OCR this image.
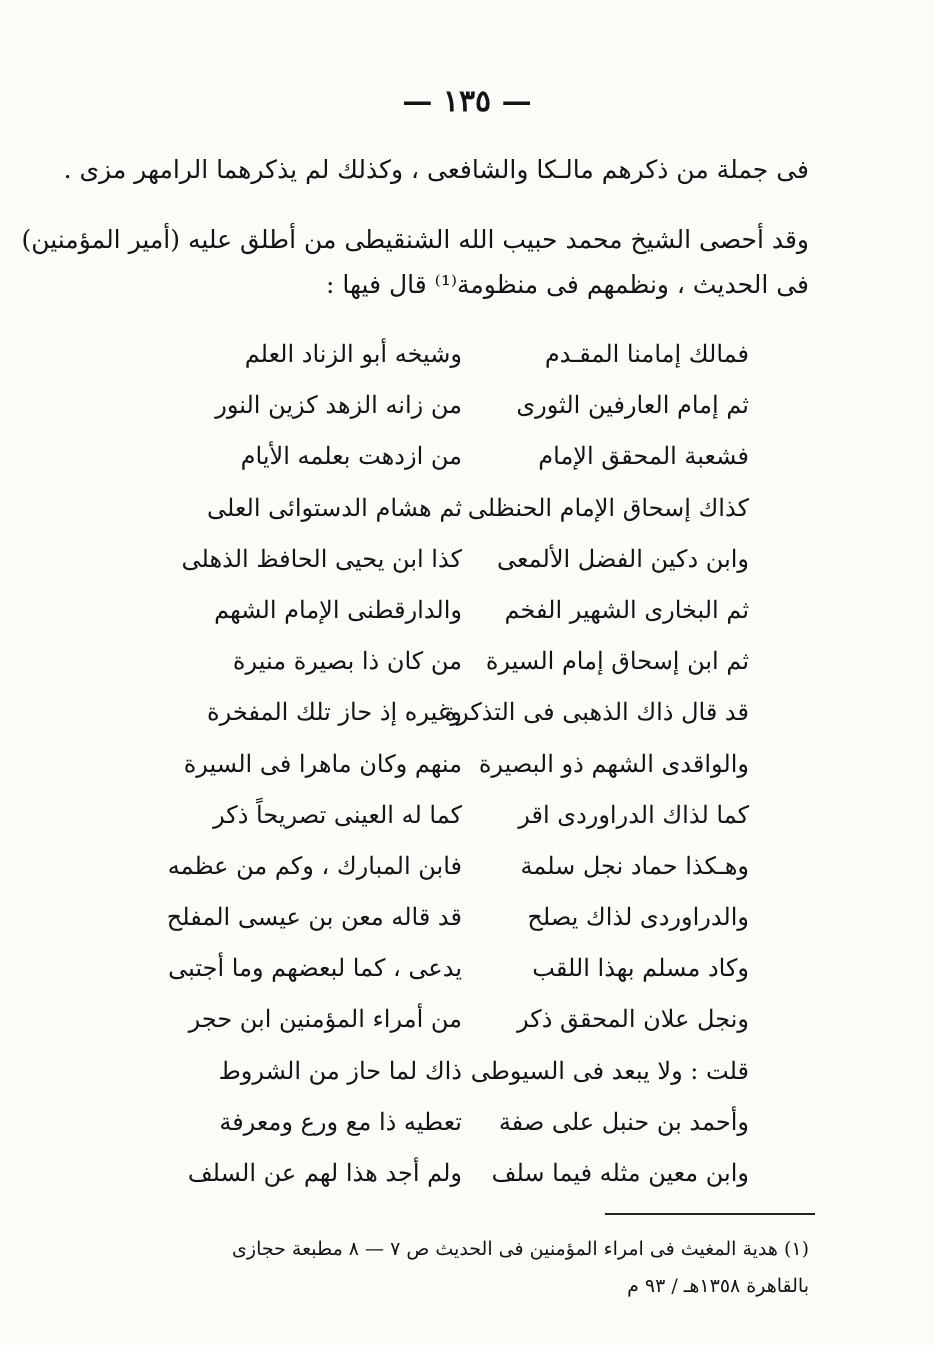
— ١٣٥ —
فى جملة من ذكرهم مالـكا والشافعى ، وكذلك لم يذكرهما الرامهر مزى .
وقد أحصى الشيخ محمد حبيب الله الشنقيطى من أطلق عليه (أمير المؤمنين)
فى الحديث ، ونظمهم فى منظومة⁽¹⁾ قال فيها :
فمالك إمامنا المقـدم
وشيخه أبو الزناد العلم
ثم إمام العارفين الثورى
من زانه الزهد كزين النور
فشعبة المحقق الإمام
من ازدهت بعلمه الأيام
كذاك إسحاق الإمام الحنظلى
ثم هشام الدستوائى العلى
وابن دكين الفضل الألمعى
كذا ابن يحيى الحافظ الذهلى
ثم البخارى الشهير الفخم
والدارقطنى الإمام الشهم
ثم ابن إسحاق إمام السيرة
من كان ذا بصيرة منيرة
قد قال ذاك الذهبى فى التذكرة
وغيره إذ حاز تلك المفخرة
والواقدى الشهم ذو البصيرة
منهم وكان ماهرا فى السيرة
كما لذاك الدراوردى اقر
كما له العينى تصريحاً ذكر
وهـكذا حماد نجل سلمة
فابن المبارك ، وكم من عظمه
والدراوردى لذاك يصلح
قد قاله معن بن عيسى المفلح
وكاد مسلم بهذا اللقب
يدعى ، كما لبعضهم وما أجتبى
ونجل علان المحقق ذكر
من أمراء المؤمنين ابن حجر
قلت : ولا يبعد فى السيوطى
ذاك لما حاز من الشروط
وأحمد بن حنبل على صفة
تعطيه ذا مع ورع ومعرفة
وابن معين مثله فيما سلف
ولم أجد هذا لهم عن السلف
(١) هدية المغيث فى امراء المؤمنين فى الحديث ص ٧ — ٨ مطبعة حجازى
بالقاهرة ١٣٥٨هـ / ٩٣ م
